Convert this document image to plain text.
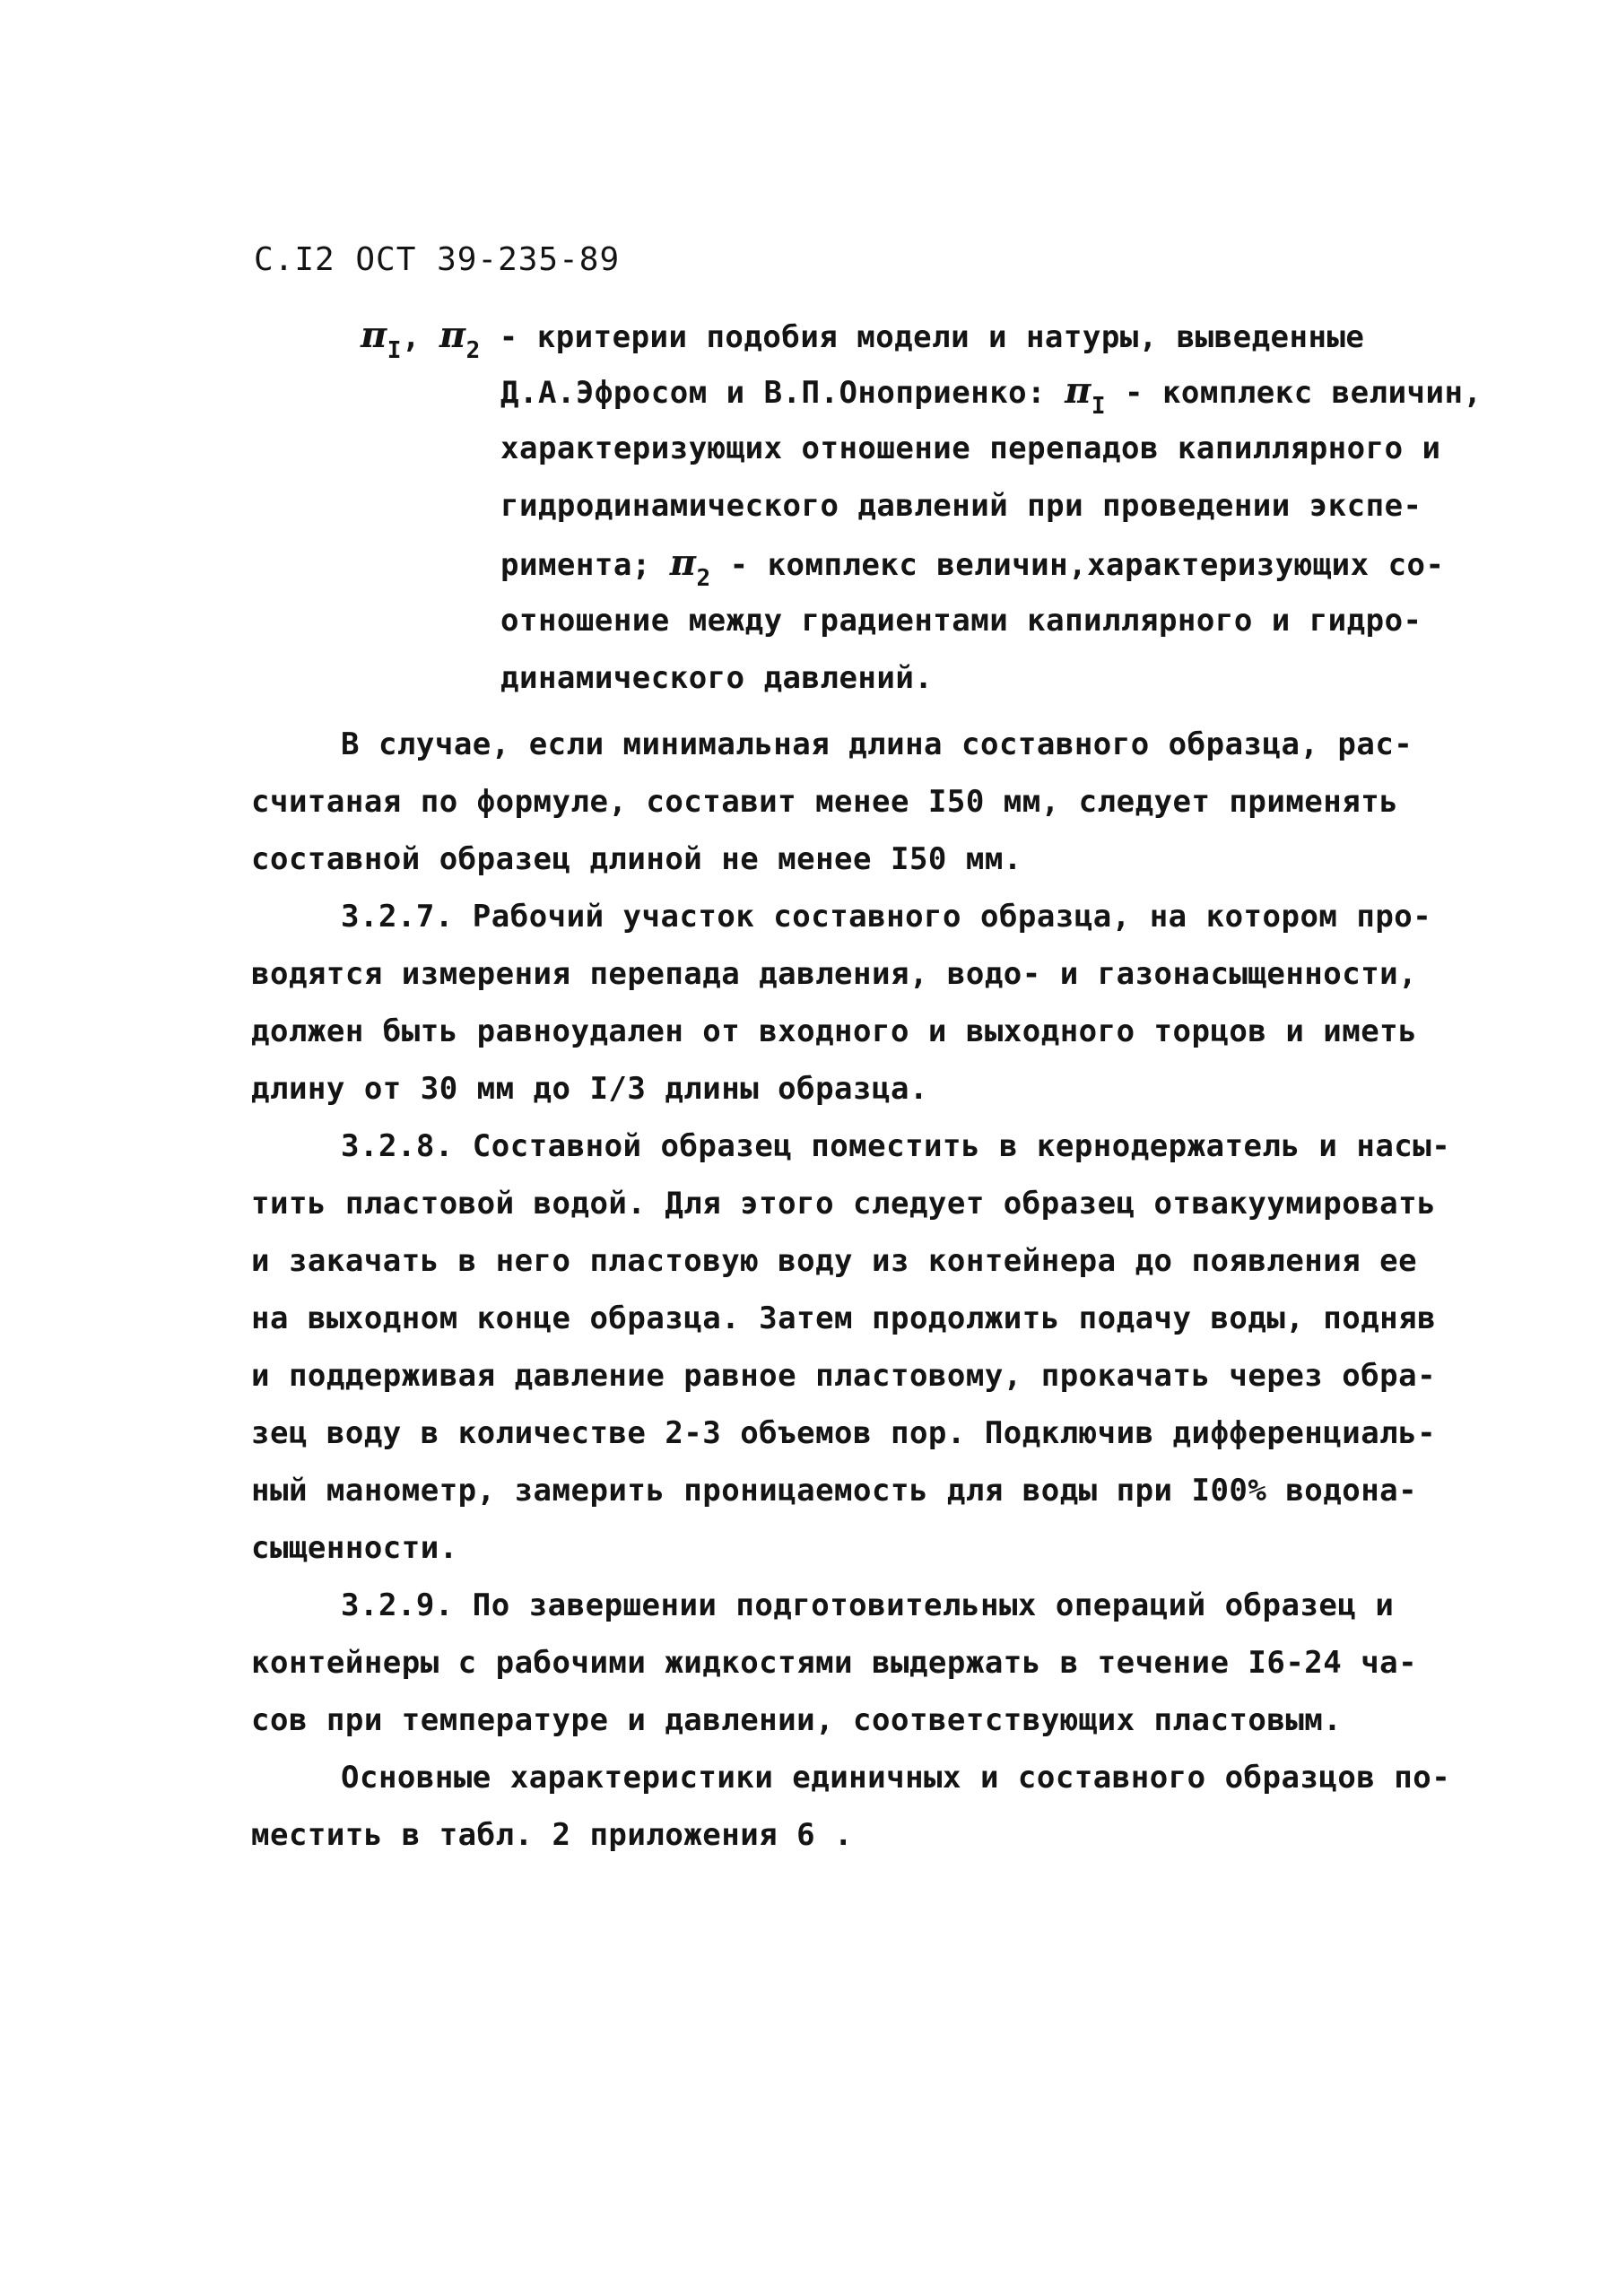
С.I2 ОСТ 39-235-89
$\pi_I$, $\pi_2$ - критерии подобия модели и натуры, выведенные
Д.А.Эфросом и В.П.Оноприенко: $\pi_I$ - комплекс величин,
характеризующих отношение перепадов капиллярного и
гидродинамического давлений при проведении экспе-
римента; $\pi_2$ - комплекс величин,характеризующих со-
отношение между градиентами капиллярного и гидро-
динамического давлений.
В случае, если минимальная длина составного образца, рас-
считаная по формуле, составит менее I50 мм, следует применять
составной образец длиной не менее I50 мм.
3.2.7. Рабочий участок составного образца, на котором про-
водятся измерения перепада давления, водо- и газонасыщенности,
должен быть равноудален от входного и выходного торцов и иметь
длину от 30 мм до I/3 длины образца.
3.2.8. Составной образец поместить в кернодержатель и насы-
тить пластовой водой. Для этого следует образец отвакуумировать
и закачать в него пластовую воду из контейнера до появления ее
на выходном конце образца. Затем продолжить подачу воды, подняв
и поддерживая давление равное пластовому, прокачать через обра-
зец воду в количестве 2-3 объемов пор. Подключив дифференциаль-
ный манометр, замерить проницаемость для воды при I00% водона-
сыщенности.
3.2.9. По завершении подготовительных операций образец и
контейнеры с рабочими жидкостями выдержать в течение I6-24 ча-
сов при температуре и давлении, соответствующих пластовым.
Основные характеристики единичных и составного образцов по-
местить в табл. 2 приложения 6 .
